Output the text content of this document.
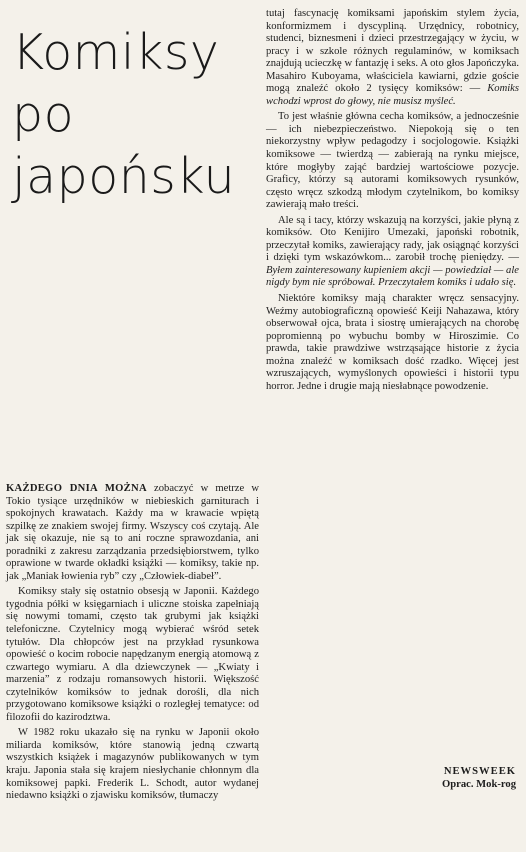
Komiksy
po
japońsku

KAŻDEGO DNIA MOŻNA zobaczyć w metrze w Tokio tysiące urzędników w niebieskich garniturach i spokojnych krawatach. Każdy ma w krawacie wpiętą szpilkę ze znakiem swojej firmy. Wszyscy coś czytają. Ale jak się okazuje, nie są to ani roczne sprawozdania, ani poradniki z zakresu zarządzania przedsiębiorstwem, tylko oprawione w twarde okładki książki — komiksy, takie np. jak „Maniak łowienia ryb” czy „Człowiek-diabeł”.

Komiksy stały się ostatnio obsesją w Japonii. Każdego tygodnia półki w księgarniach i uliczne stoiska zapełniają się nowymi tomami, często tak grubymi jak książki telefoniczne. Czytelnicy mogą wybierać wśród setek tytułów. Dla chłopców jest na przykład rysunkowa opowieść o kocim robocie napędzanym energią atomową z czwartego wymiaru. A dla dziewczynek — „Kwiaty i marzenia” z rodzaju romansowych historii. Większość czytelników komiksów to jednak dorośli, dla nich przygotowano komiksowe książki o rozległej tematyce: od filozofii do kazirodztwa.

W 1982 roku ukazało się na rynku w Japonii około miliarda komiksów, które stanowią jedną czwartą wszystkich książek i magazynów publikowanych w tym kraju. Japonia stała się krajem niesłychanie chłonnym dla komiksowej papki. Frederik L. Schodt, autor wydanej niedawno książki o zjawisku komiksów, tłumaczy

tutaj fascynację komiksami japońskim stylem życia, konformizmem i dyscypliną. Urzędnicy, robotnicy, studenci, biznesmeni i dzieci przestrzegający w życiu, w pracy i w szkole różnych regulaminów, w komiksach znajdują ucieczkę w fantazję i seks. A oto głos Japończyka. Masahiro Kuboyama, właściciela kawiarni, gdzie goście mogą znaleźć około 2 tysięcy komiksów: — Komiks wchodzi wprost do głowy, nie musisz myśleć.

To jest właśnie główna cecha komiksów, a jednocześnie — ich niebezpieczeństwo. Niepokoją się o ten niekorzystny wpływ pedagodzy i socjologowie. Książki komiksowe — twierdzą — zabierają na rynku miejsce, które mogłyby zająć bardziej wartościowe pozycje. Graficy, którzy są autorami komiksowych rysunków, często wręcz szkodzą młodym czytelnikom, bo komiksy zawierają mało treści.

Ale są i tacy, którzy wskazują na korzyści, jakie płyną z komiksów. Oto Kenijiro Umezaki, japoński robotnik, przeczytał komiks, zawierający rady, jak osiągnąć korzyści i dzięki tym wskazówkom... zarobił trochę pieniędzy. — Byłem zainteresowany kupieniem akcji — powiedział — ale nigdy bym nie spróbował. Przeczytałem komiks i udało się.

Niektóre komiksy mają charakter wręcz sensacyjny. Weźmy autobiograficzną opowieść Keiji Nahazawa, który obserwował ojca, brata i siostrę umierających na chorobę popromienną po wybuchu bomby w Hiroszimie. Co prawda, takie prawdziwe wstrząsające historie z życia można znaleźć w komiksach dość rzadko. Więcej jest wzruszających, wymyślonych opowieści i historii typu horror. Jedne i drugie mają niesłabnące powodzenie.

NEWSWEEK
Oprac. Mok-rog
